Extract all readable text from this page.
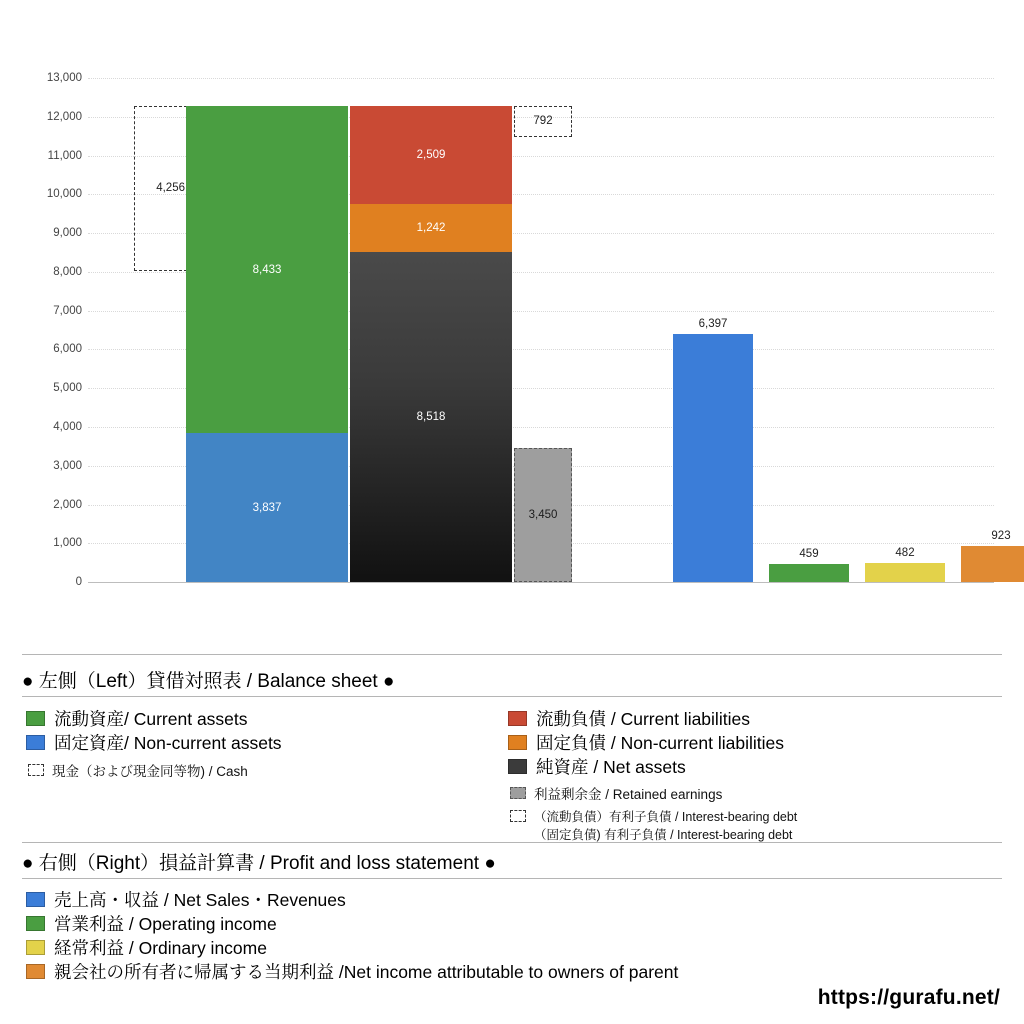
13,000
12,000
11,000
10,000
9,000
8,000
7,000
6,000
5,000
4,000
3,000
2,000
1,000
0
4,256
8,433
3,837
8,518
1,242
2,509
3,450
792
6,397
459	482
923
● 左側（Left）貸借対照表 / Balance sheet ●
流動資産/ Current assets
固定資産/ Non-current assets
現金（および現金同等物) / Cash
流動負債 / Current liabilities
固定負債 / Non-current liabilities
純資産 / Net assets
利益剰余金 / Retained earnings
（流動負債）有利子負債 / Interest-bearing debt
（固定負債) 有利子負債 / Interest-bearing debt
● 右側（Right）損益計算書 / Profit and loss statement ●
売上高・収益 / Net Sales・Revenues
営業利益 / Operating income
経常利益 / Ordinary income
親会社の所有者に帰属する当期利益 /Net income attributable to owners of parent
https://gurafu.net/
